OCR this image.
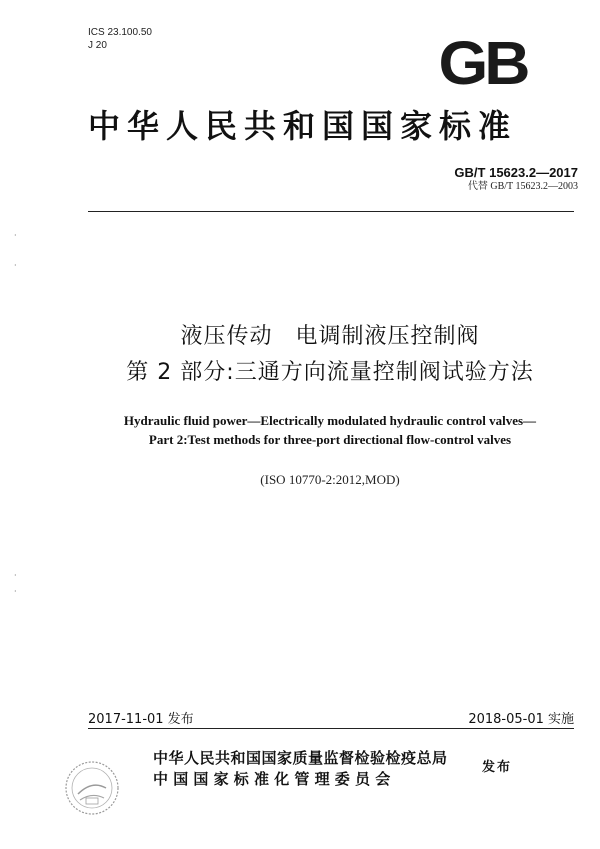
ICS 23.100.50
J 20	GB
中华人民共和国国家标准
GB/T 15623.2—2017
代替 GB/T 15623.2—2003
·
·
·
·
液压传动　电调制液压控制阀
第 2 部分:三通方向流量控制阀试验方法
Hydraulic fluid power—Electrically modulated hydraulic control valves—
Part 2:Test methods for three-port directional flow-control valves
(ISO 10770-2:2012,MOD)
2017-11-01 发布	2018-05-01 实施
中华人民共和国国家质量监督检验检疫总局
中国国家标准化管理委员会
发布
